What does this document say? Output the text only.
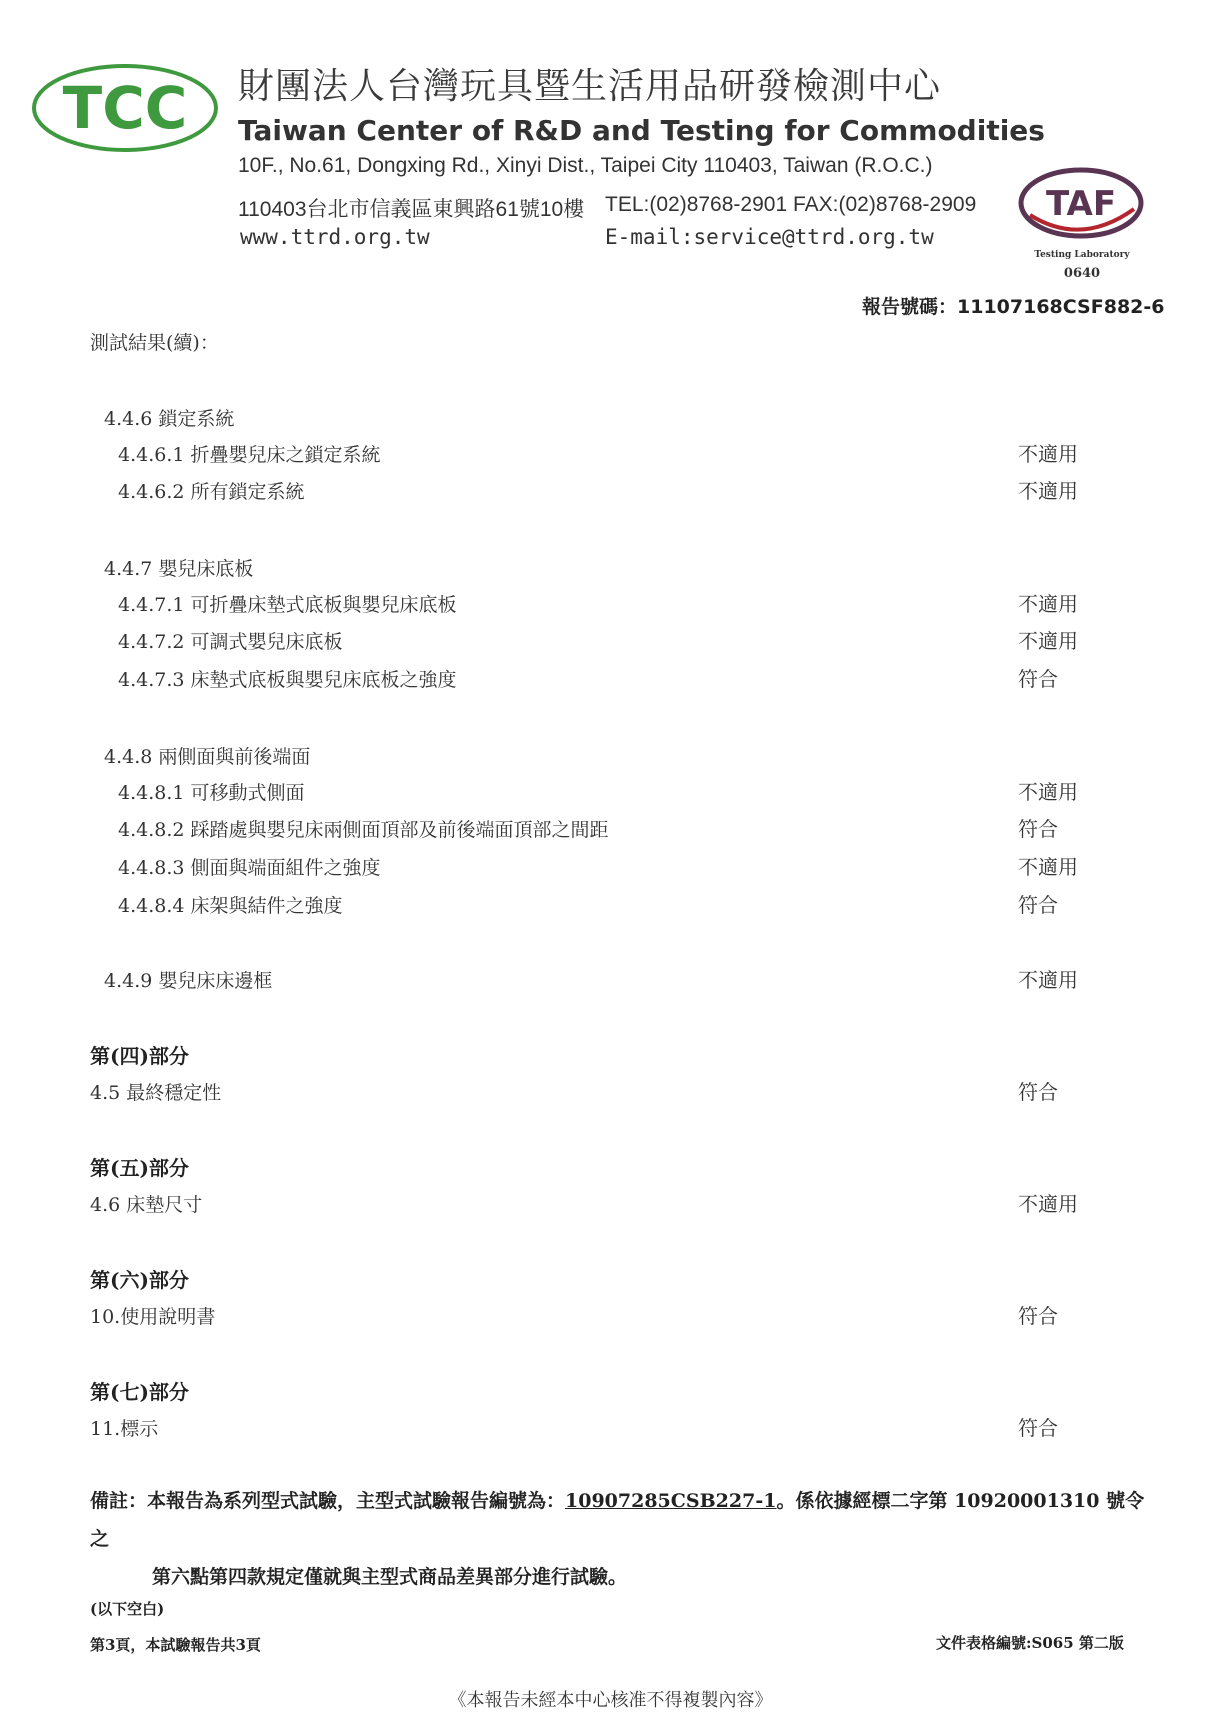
TCC 財團法人台灣玩具暨生活用品研發檢測中心
Taiwan Center of R&D and Testing for Commodities
10F., No.61, Dongxing Rd., Xinyi Dist., Taipei City 110403, Taiwan (R.O.C.)
110403台北市信義區東興路61號10樓 TEL:(02)8768-2901 FAX:(02)8768-2909
www.ttrd.org.tw	E-mail:service@ttrd.org.tw
TAF
Testing Laboratory
0640
報告號碼：11107168CSF882-6
測試結果(續)：
4.4.6 鎖定系統
4.4.6.1 折疊嬰兒床之鎖定系統	不適用
4.4.6.2 所有鎖定系統	不適用
4.4.7 嬰兒床底板
4.4.7.1 可折疊床墊式底板與嬰兒床底板	不適用
4.4.7.2 可調式嬰兒床底板	不適用
4.4.7.3 床墊式底板與嬰兒床底板之強度	符合
4.4.8 兩側面與前後端面
4.4.8.1 可移動式側面	不適用
4.4.8.2 踩踏處與嬰兒床兩側面頂部及前後端面頂部之間距	符合
4.4.8.3 側面與端面組件之強度	不適用
4.4.8.4 床架與結件之強度	符合
4.4.9 嬰兒床床邊框	不適用
第(四)部分
4.5 最終穩定性	符合
第(五)部分
4.6 床墊尺寸	不適用
第(六)部分
10.使用說明書	符合
第(七)部分
11.標示	符合
備註：本報告為系列型式試驗，主型式試驗報告編號為：10907285CSB227-1。係依據經標二字第 10920001310 號令之
第六點第四款規定僅就與主型式商品差異部分進行試驗。
(以下空白)
第3頁，本試驗報告共3頁	文件表格編號:S065 第二版
《本報告未經本中心核准不得複製內容》
